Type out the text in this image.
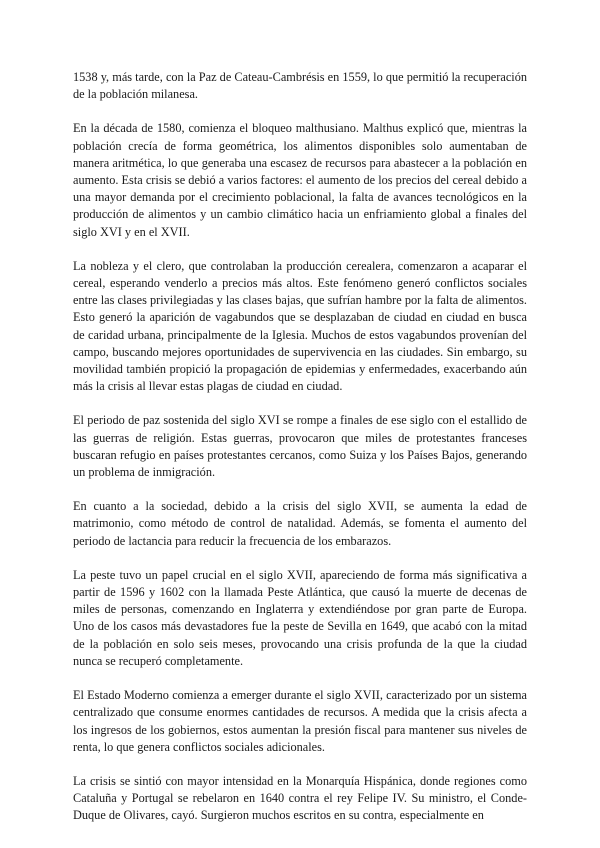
1538 y, más tarde, con la Paz de Cateau-Cambrésis en 1559, lo que permitió la recuperación de la población milanesa.

En la década de 1580, comienza el bloqueo malthusiano. Malthus explicó que, mientras la población crecía de forma geométrica, los alimentos disponibles solo aumentaban de manera aritmética, lo que generaba una escasez de recursos para abastecer a la población en aumento. Esta crisis se debió a varios factores: el aumento de los precios del cereal debido a una mayor demanda por el crecimiento poblacional, la falta de avances tecnológicos en la producción de alimentos y un cambio climático hacia un enfriamiento global a finales del siglo XVI y en el XVII.

La nobleza y el clero, que controlaban la producción cerealera, comenzaron a acaparar el cereal, esperando venderlo a precios más altos. Este fenómeno generó conflictos sociales entre las clases privilegiadas y las clases bajas, que sufrían hambre por la falta de alimentos. Esto generó la aparición de vagabundos que se desplazaban de ciudad en ciudad en busca de caridad urbana, principalmente de la Iglesia. Muchos de estos vagabundos provenían del campo, buscando mejores oportunidades de supervivencia en las ciudades. Sin embargo, su movilidad también propició la propagación de epidemias y enfermedades, exacerbando aún más la crisis al llevar estas plagas de ciudad en ciudad.

El periodo de paz sostenida del siglo XVI se rompe a finales de ese siglo con el estallido de las guerras de religión. Estas guerras, provocaron que miles de protestantes franceses buscaran refugio en países protestantes cercanos, como Suiza y los Países Bajos, generando un problema de inmigración.

En cuanto a la sociedad, debido a la crisis del siglo XVII, se aumenta la edad de matrimonio, como método de control de natalidad. Además, se fomenta el aumento del periodo de lactancia para reducir la frecuencia de los embarazos.

La peste tuvo un papel crucial en el siglo XVII, apareciendo de forma más significativa a partir de 1596 y 1602 con la llamada Peste Atlántica, que causó la muerte de decenas de miles de personas, comenzando en Inglaterra y extendiéndose por gran parte de Europa. Uno de los casos más devastadores fue la peste de Sevilla en 1649, que acabó con la mitad de la población en solo seis meses, provocando una crisis profunda de la que la ciudad nunca se recuperó completamente.

El Estado Moderno comienza a emerger durante el siglo XVII, caracterizado por un sistema centralizado que consume enormes cantidades de recursos. A medida que la crisis afecta a los ingresos de los gobiernos, estos aumentan la presión fiscal para mantener sus niveles de renta, lo que genera conflictos sociales adicionales.

La crisis se sintió con mayor intensidad en la Monarquía Hispánica, donde regiones como Cataluña y Portugal se rebelaron en 1640 contra el rey Felipe IV. Su ministro, el Conde-Duque de Olivares, cayó. Surgieron muchos escritos en su contra, especialmente en
